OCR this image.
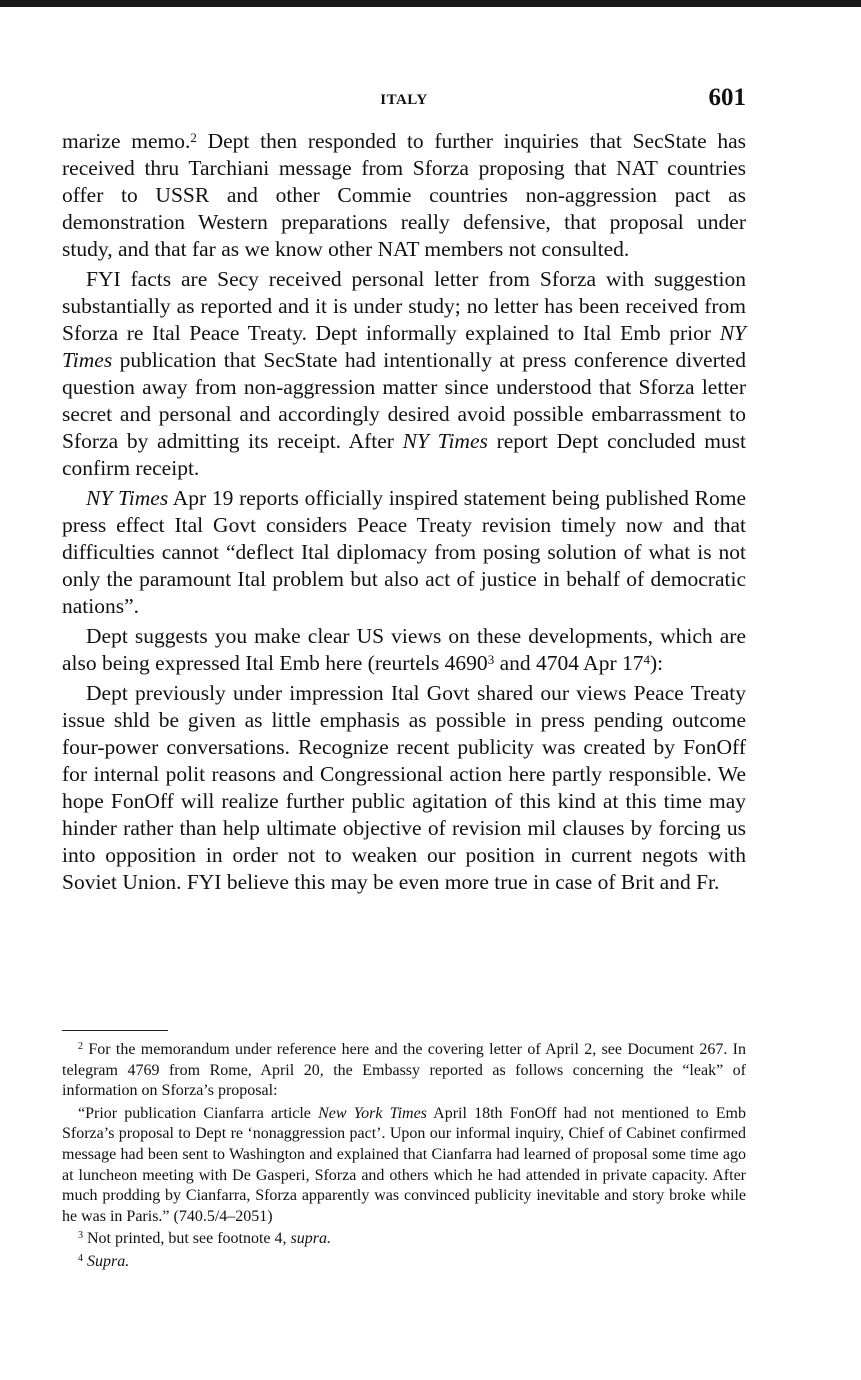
ITALY	601

marize memo.$^2$ Dept then responded to further inquiries that SecState has received thru Tarchiani message from Sforza proposing that NAT countries offer to USSR and other Commie countries non-aggression pact as demonstration Western preparations really defensive, that proposal under study, and that far as we know other NAT members not consulted.

FYI facts are Secy received personal letter from Sforza with suggestion substantially as reported and it is under study; no letter has been received from Sforza re Ital Peace Treaty. Dept informally explained to Ital Emb prior NY Times publication that SecState had intentionally at press conference diverted question away from non-aggression matter since understood that Sforza letter secret and personal and accordingly desired avoid possible embarrassment to Sforza by admitting its receipt. After NY Times report Dept concluded must confirm receipt.

NY Times Apr 19 reports officially inspired statement being published Rome press effect Ital Govt considers Peace Treaty revision timely now and that difficulties cannot “deflect Ital diplomacy from posing solution of what is not only the paramount Ital problem but also act of justice in behalf of democratic nations”.

Dept suggests you make clear US views on these developments, which are also being expressed Ital Emb here (reurtels 4690$^3$ and 4704 Apr $17^4$):

Dept previously under impression Ital Govt shared our views Peace Treaty issue shld be given as little emphasis as possible in press pending outcome four-power conversations. Recognize recent publicity was created by FonOff for internal polit reasons and Congressional action here partly responsible. We hope FonOff will realize further public agitation of this kind at this time may hinder rather than help ultimate objective of revision mil clauses by forcing us into opposition in order not to weaken our position in current negots with Soviet Union. FYI believe this may be even more true in case of Brit and Fr.

$^2$ For the memorandum under reference here and the covering letter of April 2, see Document 267. In telegram 4769 from Rome, April 20, the Embassy reported as follows concerning the “leak” of information on Sforza’s proposal:

“Prior publication Cianfarra article New York Times April 18th FonOff had not mentioned to Emb Sforza’s proposal to Dept re ‘nonaggression pact’. Upon our informal inquiry, Chief of Cabinet confirmed message had been sent to Washington and explained that Cianfarra had learned of proposal some time ago at luncheon meeting with De Gasperi, Sforza and others which he had attended in private capacity. After much prodding by Cianfarra, Sforza apparently was convinced publicity inevitable and story broke while he was in Paris.” (740.5/4–2051)

$^3$ Not printed, but see footnote 4, supra.

$^4$ Supra.
